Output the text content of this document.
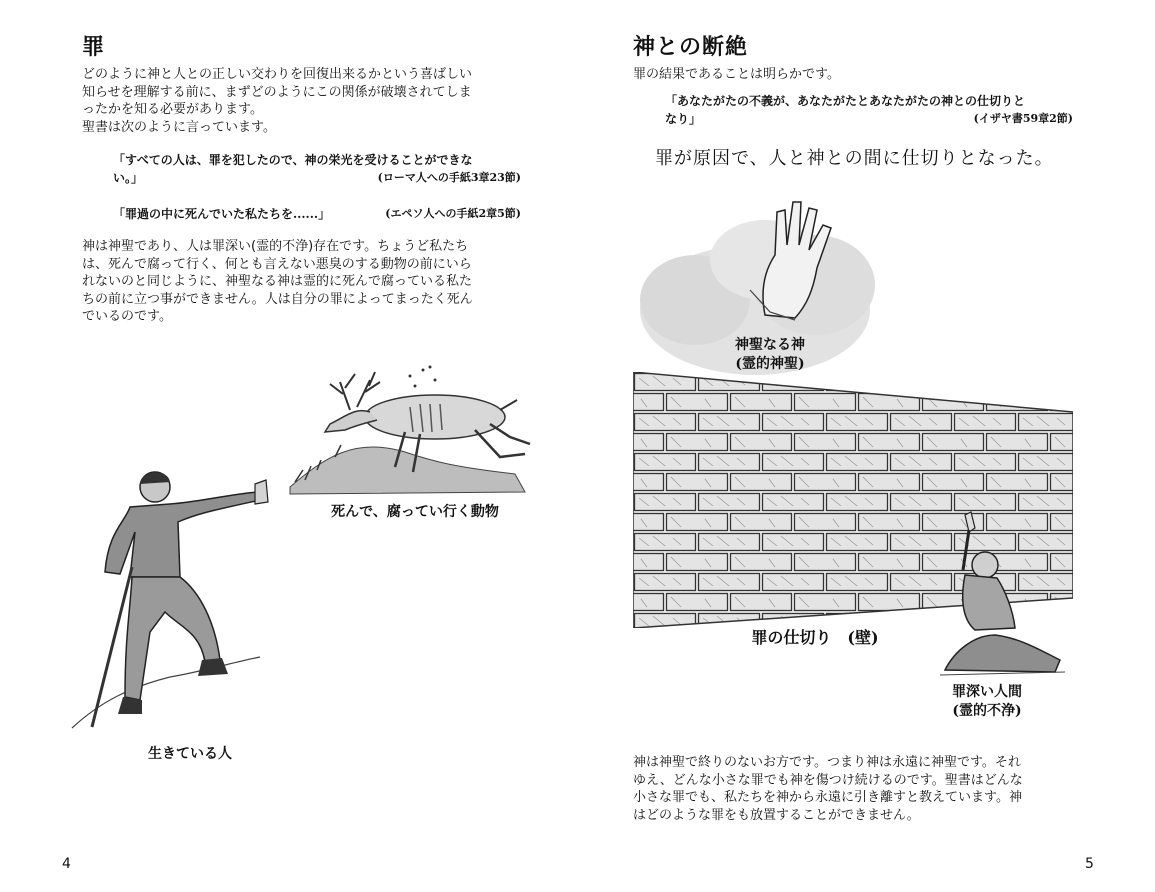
罪

どのように神と人との正しい交わりを回復出来るかという喜ばしい

知らせを理解する前に、まずどのようにこの関係が破壊されてしま

ったかを知る必要があります。

聖書は次のように言っています。

「すべての人は、罪を犯したので、神の栄光を受けることができな
い。」	(ローマ人への手紙3章23節)
「罪過の中に死んでいた私たちを......」	(エペソ人への手紙2章5節)

神は神聖であり、人は罪深い(霊的不浄)存在です。ちょうど私たち

は、死んで腐って行く、何とも言えない悪臭のする動物の前にいら

れないのと同じように、神聖なる神は霊的に死んで腐っている私た

ちの前に立つ事ができません。人は自分の罪によってまったく死ん

でいるのです。

死んで、腐ってい行く動物
生きている人
4
神との断絶

罪の結果であることは明らかです。

「あなたがたの不義が、あなたがたとあなたがたの神との仕切りと
なり」	(イザヤ書59章2節)
罪が原因で、人と神との間に仕切りとなった。
神聖なる神
(霊的神聖)
罪の仕切り　(壁)
罪深い人間
(霊的不浄)

神は神聖で終りのないお方です。つまり神は永遠に神聖です。それ

ゆえ、どんな小さな罪でも神を傷つけ続けるのです。聖書はどんな

小さな罪でも、私たちを神から永遠に引き離すと教えています。神

はどのような罪をも放置することができません。

5
